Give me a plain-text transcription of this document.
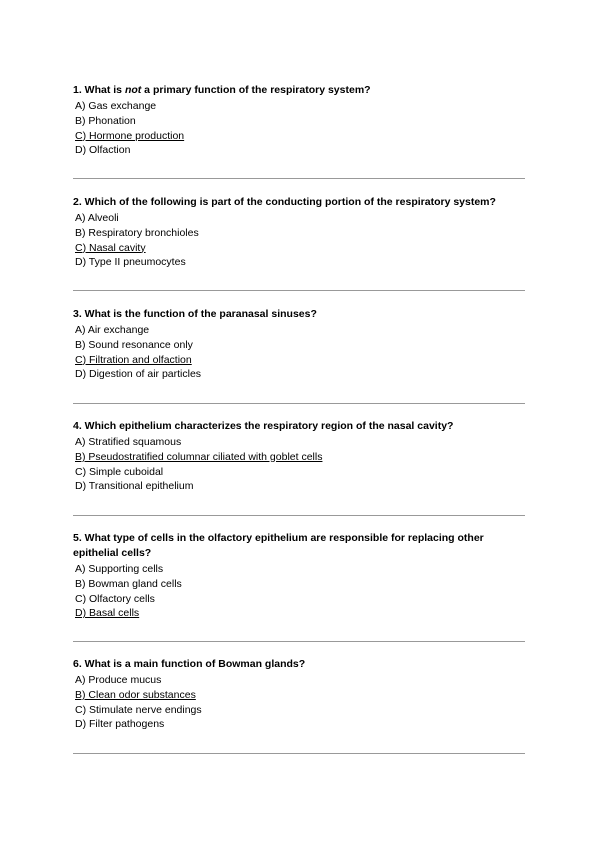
1. What is not a primary function of the respiratory system?
A) Gas exchange
B) Phonation
C) Hormone production
D) Olfaction
2. Which of the following is part of the conducting portion of the respiratory system?
A) Alveoli
B) Respiratory bronchioles
C) Nasal cavity
D) Type II pneumocytes
3. What is the function of the paranasal sinuses?
A) Air exchange
B) Sound resonance only
C) Filtration and olfaction
D) Digestion of air particles
4. Which epithelium characterizes the respiratory region of the nasal cavity?
A) Stratified squamous
B) Pseudostratified columnar ciliated with goblet cells
C) Simple cuboidal
D) Transitional epithelium
5. What type of cells in the olfactory epithelium are responsible for replacing other epithelial cells?
A) Supporting cells
B) Bowman gland cells
C) Olfactory cells
D) Basal cells
6. What is a main function of Bowman glands?
A) Produce mucus
B) Clean odor substances
C) Stimulate nerve endings
D) Filter pathogens
